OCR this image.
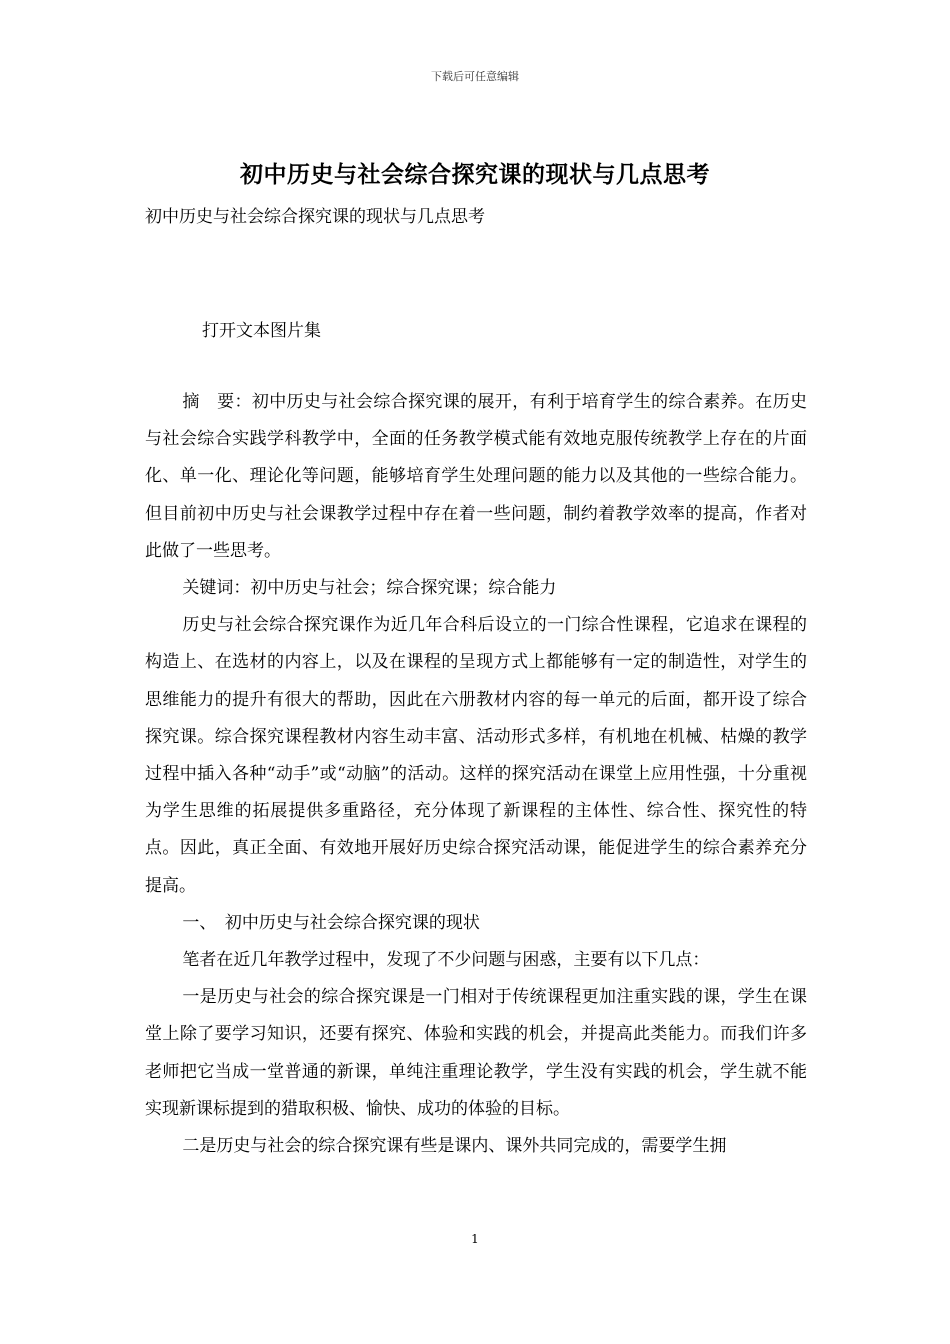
下载后可任意编辑
初中历史与社会综合探究课的现状与几点思考
初中历史与社会综合探究课的现状与几点思考
打开文本图片集

摘　要：初中历史与社会综合探究课的展开，有利于培育学生的综合素养。在历史与社会综合实践学科教学中，全面的任务教学模式能有效地克服传统教学上存在的片面化、单一化、理论化等问题，能够培育学生处理问题的能力以及其他的一些综合能力。但目前初中历史与社会课教学过程中存在着一些问题，制约着教学效率的提高，作者对此做了一些思考。

关键词：初中历史与社会；综合探究课；综合能力

历史与社会综合探究课作为近几年合科后设立的一门综合性课程，它追求在课程的构造上、在选材的内容上，以及在课程的呈现方式上都能够有一定的制造性，对学生的思维能力的提升有很大的帮助，因此在六册教材内容的每一单元的后面，都开设了综合探究课。综合探究课程教材内容生动丰富、活动形式多样，有机地在机械、枯燥的教学过程中插入各种“动手”或“动脑”的活动。这样的探究活动在课堂上应用性强，十分重视为学生思维的拓展提供多重路径，充分体现了新课程的主体性、综合性、探究性的特点。因此，真正全面、有效地开展好历史综合探究活动课，能促进学生的综合素养充分提高。

一、　初中历史与社会综合探究课的现状

笔者在近几年教学过程中，发现了不少问题与困惑，主要有以下几点：

一是历史与社会的综合探究课是一门相对于传统课程更加注重实践的课，学生在课堂上除了要学习知识，还要有探究、体验和实践的机会，并提高此类能力。而我们许多老师把它当成一堂普通的新课，单纯注重理论教学，学生没有实践的机会，学生就不能实现新课标提到的猎取积极、愉快、成功的体验的目标。

二是历史与社会的综合探究课有些是课内、课外共同完成的，需要学生拥

1
